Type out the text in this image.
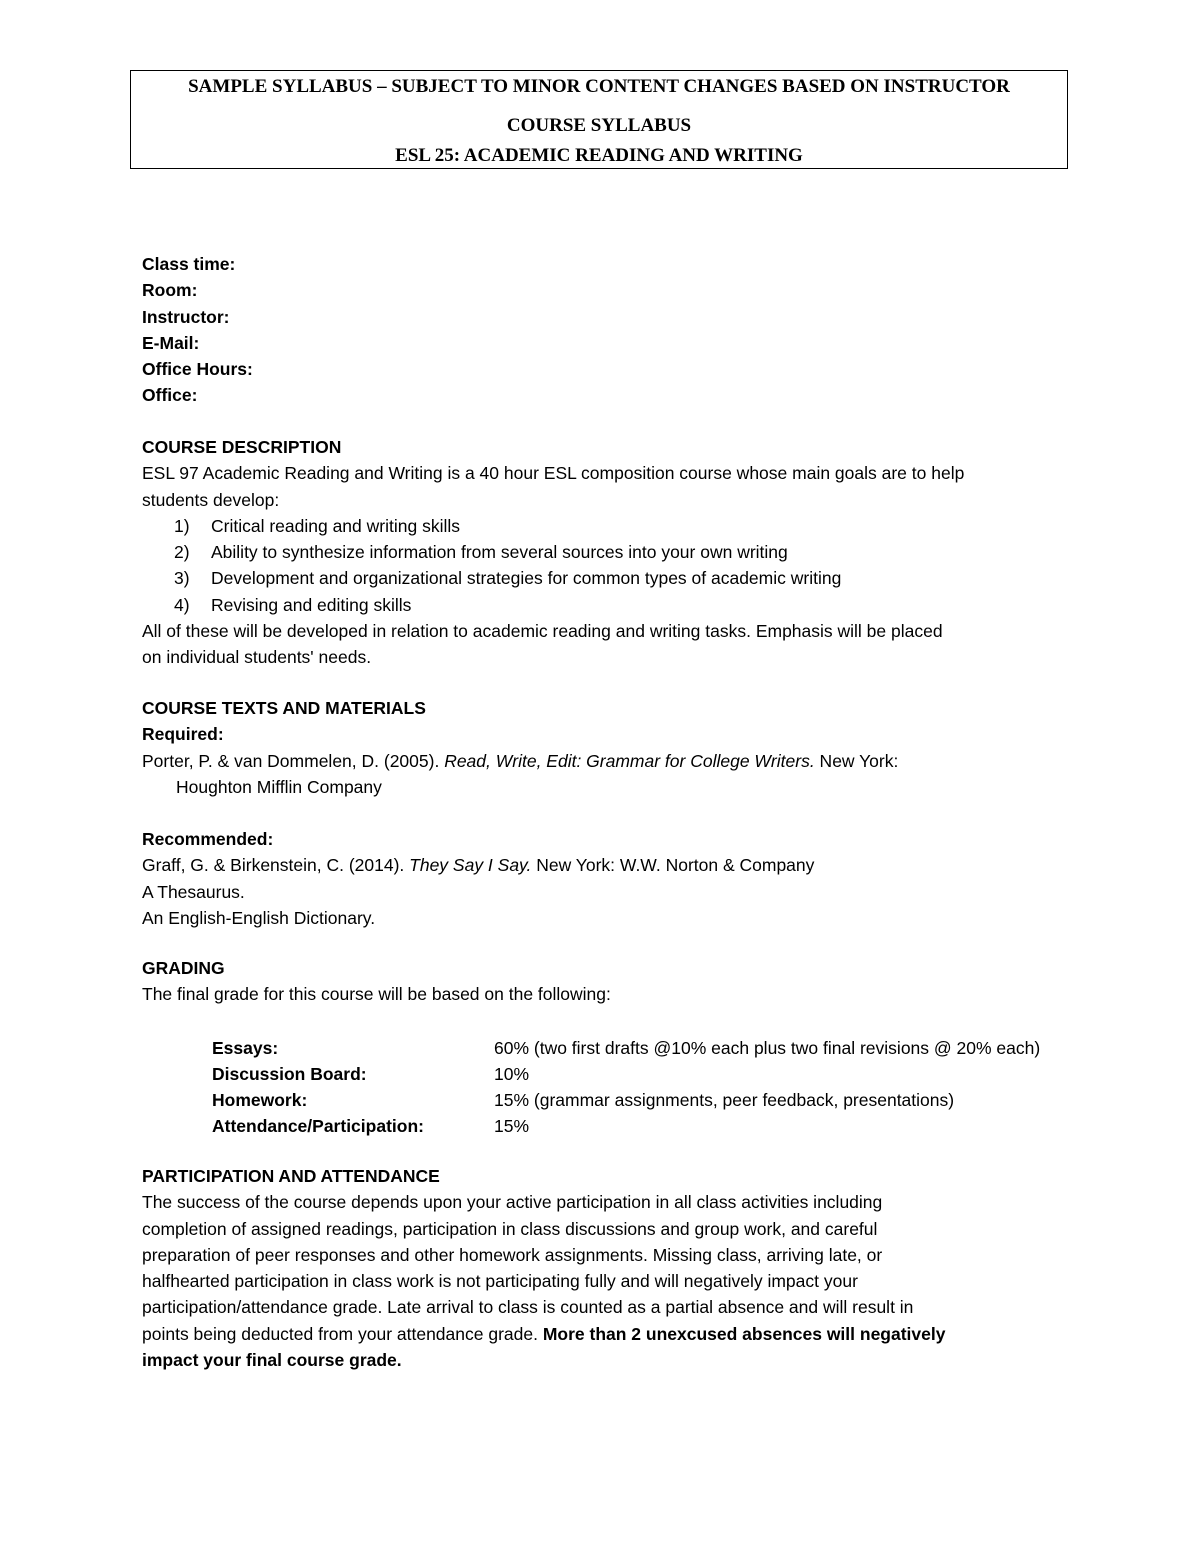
SAMPLE SYLLABUS – SUBJECT TO MINOR CONTENT CHANGES BASED ON INSTRUCTOR
COURSE SYLLABUS
ESL 25: ACADEMIC READING AND WRITING
Class time:
Room:
Instructor:
E-Mail:
Office Hours:
Office:
COURSE DESCRIPTION
ESL 97 Academic Reading and Writing is a 40 hour ESL composition course whose main goals are to help
students develop:
1) Critical reading and writing skills
2) Ability to synthesize information from several sources into your own writing
3) Development and organizational strategies for common types of academic writing
4) Revising and editing skills
All of these will be developed in relation to academic reading and writing tasks. Emphasis will be placed
on individual students' needs.
COURSE TEXTS AND MATERIALS
Required:
Porter, P. & van Dommelen, D. (2005). Read, Write, Edit: Grammar for College Writers. New York:
Houghton Mifflin Company
Recommended:
Graff, G. & Birkenstein, C. (2014). They Say I Say. New York: W.W. Norton & Company
A Thesaurus.
An English-English Dictionary.
GRADING
The final grade for this course will be based on the following:
Essays:	60% (two first drafts @10% each plus two final revisions @ 20% each)
Discussion Board:	10%
Homework:	15% (grammar assignments, peer feedback, presentations)
Attendance/Participation:	15%
PARTICIPATION AND ATTENDANCE
The success of the course depends upon your active participation in all class activities including
completion of assigned readings, participation in class discussions and group work, and careful
preparation of peer responses and other homework assignments. Missing class, arriving late, or
halfhearted participation in class work is not participating fully and will negatively impact your
participation/attendance grade. Late arrival to class is counted as a partial absence and will result in
points being deducted from your attendance grade. More than 2 unexcused absences will negatively
impact your final course grade.
